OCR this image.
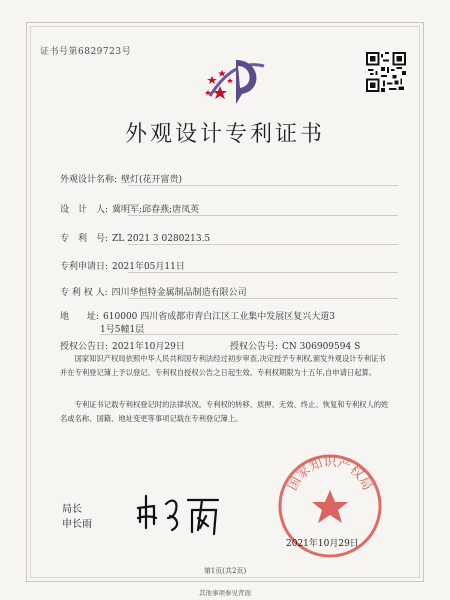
证书号第6829723号
外观设计专利证书
外观设计名称: 壁灯(花开富贵)
设　计　人: 冀明军;邱春燕;唐凤英
专　利　号: ZL 2021 3 0280213.5
专利申请日: 2021年05月11日
专 利 权 人: 四川华恒特金属制品制造有限公司
地　　址: 610000 四川省成都市青白江区工业集中发展区复兴大道3
1号5幢1层
授权公告日: 2021年10月29日	授权公告号: CN 306909594 S
国家知识产权局依照中华人民共和国专利法经过初步审查,决定授予专利权,颁发外观设计专利证书并在专利登记簿上予以登记。专利权自授权公告之日起生效。专利权期限为十五年,自申请日起算。
专利证书记载专利权登记时的法律状况。专利权的转移、质押、无效、终止、恢复和专利权人的姓名或名称、国籍、地址变更等事项记载在专利登记簿上。
局长
申长雨
国家知识产权局
2021年10月29日
第1页(共2页)
其他事项参见背面
